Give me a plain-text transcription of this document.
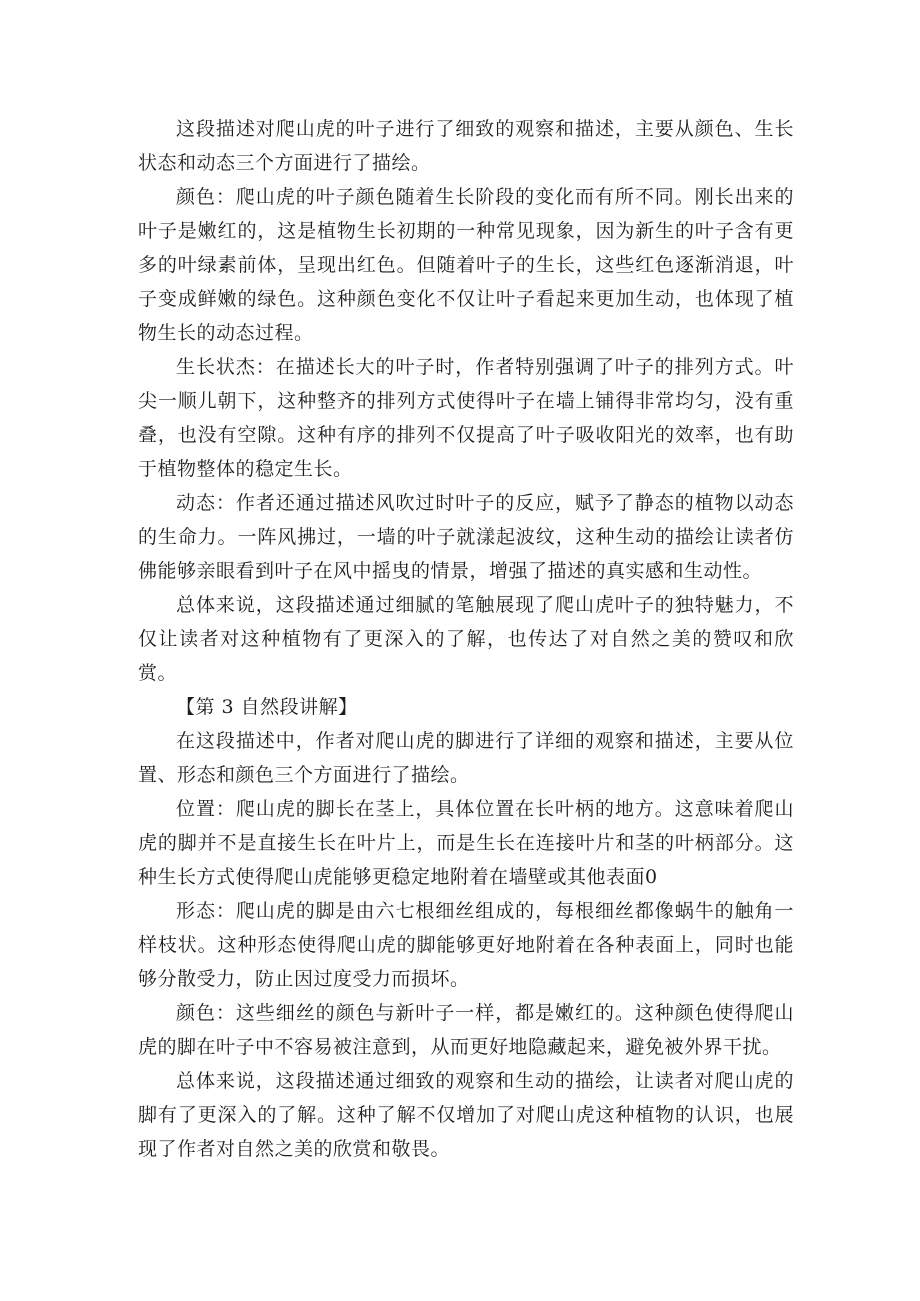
这段描述对爬山虎的叶子进行了细致的观察和描述，主要从颜色、生长状态和动态三个方面进行了描绘。

颜色：爬山虎的叶子颜色随着生长阶段的变化而有所不同。刚长出来的叶子是嫩红的，这是植物生长初期的一种常见现象，因为新生的叶子含有更多的叶绿素前体，呈现出红色。但随着叶子的生长，这些红色逐渐消退，叶子变成鲜嫩的绿色。这种颜色变化不仅让叶子看起来更加生动，也体现了植物生长的动态过程。

生长状杰：在描述长大的叶子时，作者特别强调了叶子的排列方式。叶尖一顺儿朝下，这种整齐的排列方式使得叶子在墙上铺得非常均匀，没有重叠，也没有空隙。这种有序的排列不仅提高了叶子吸收阳光的效率，也有助于植物整体的稳定生长。

动态：作者还通过描述风吹过时叶子的反应，赋予了静态的植物以动态的生命力。一阵风拂过，一墙的叶子就漾起波纹，这种生动的描绘让读者仿佛能够亲眼看到叶子在风中摇曳的情景，增强了描述的真实感和生动性。

总体来说，这段描述通过细腻的笔触展现了爬山虎叶子的独特魅力，不仅让读者对这种植物有了更深入的了解，也传达了对自然之美的赞叹和欣赏。

【第 3 自然段讲解】

在这段描述中，作者对爬山虎的脚进行了详细的观察和描述，主要从位置、形态和颜色三个方面进行了描绘。

位置：爬山虎的脚长在茎上，具体位置在长叶柄的地方。这意味着爬山虎的脚并不是直接生长在叶片上，而是生长在连接叶片和茎的叶柄部分。这种生长方式使得爬山虎能够更稳定地附着在墙壁或其他表面0

形态：爬山虎的脚是由六七根细丝组成的，每根细丝都像蜗牛的触角一样枝状。这种形态使得爬山虎的脚能够更好地附着在各种表面上，同时也能够分散受力，防止因过度受力而损坏。

颜色：这些细丝的颜色与新叶子一样，都是嫩红的。这种颜色使得爬山虎的脚在叶子中不容易被注意到，从而更好地隐藏起来，避免被外界干扰。

总体来说，这段描述通过细致的观察和生动的描绘，让读者对爬山虎的脚有了更深入的了解。这种了解不仅增加了对爬山虎这种植物的认识，也展现了作者对自然之美的欣赏和敬畏。
